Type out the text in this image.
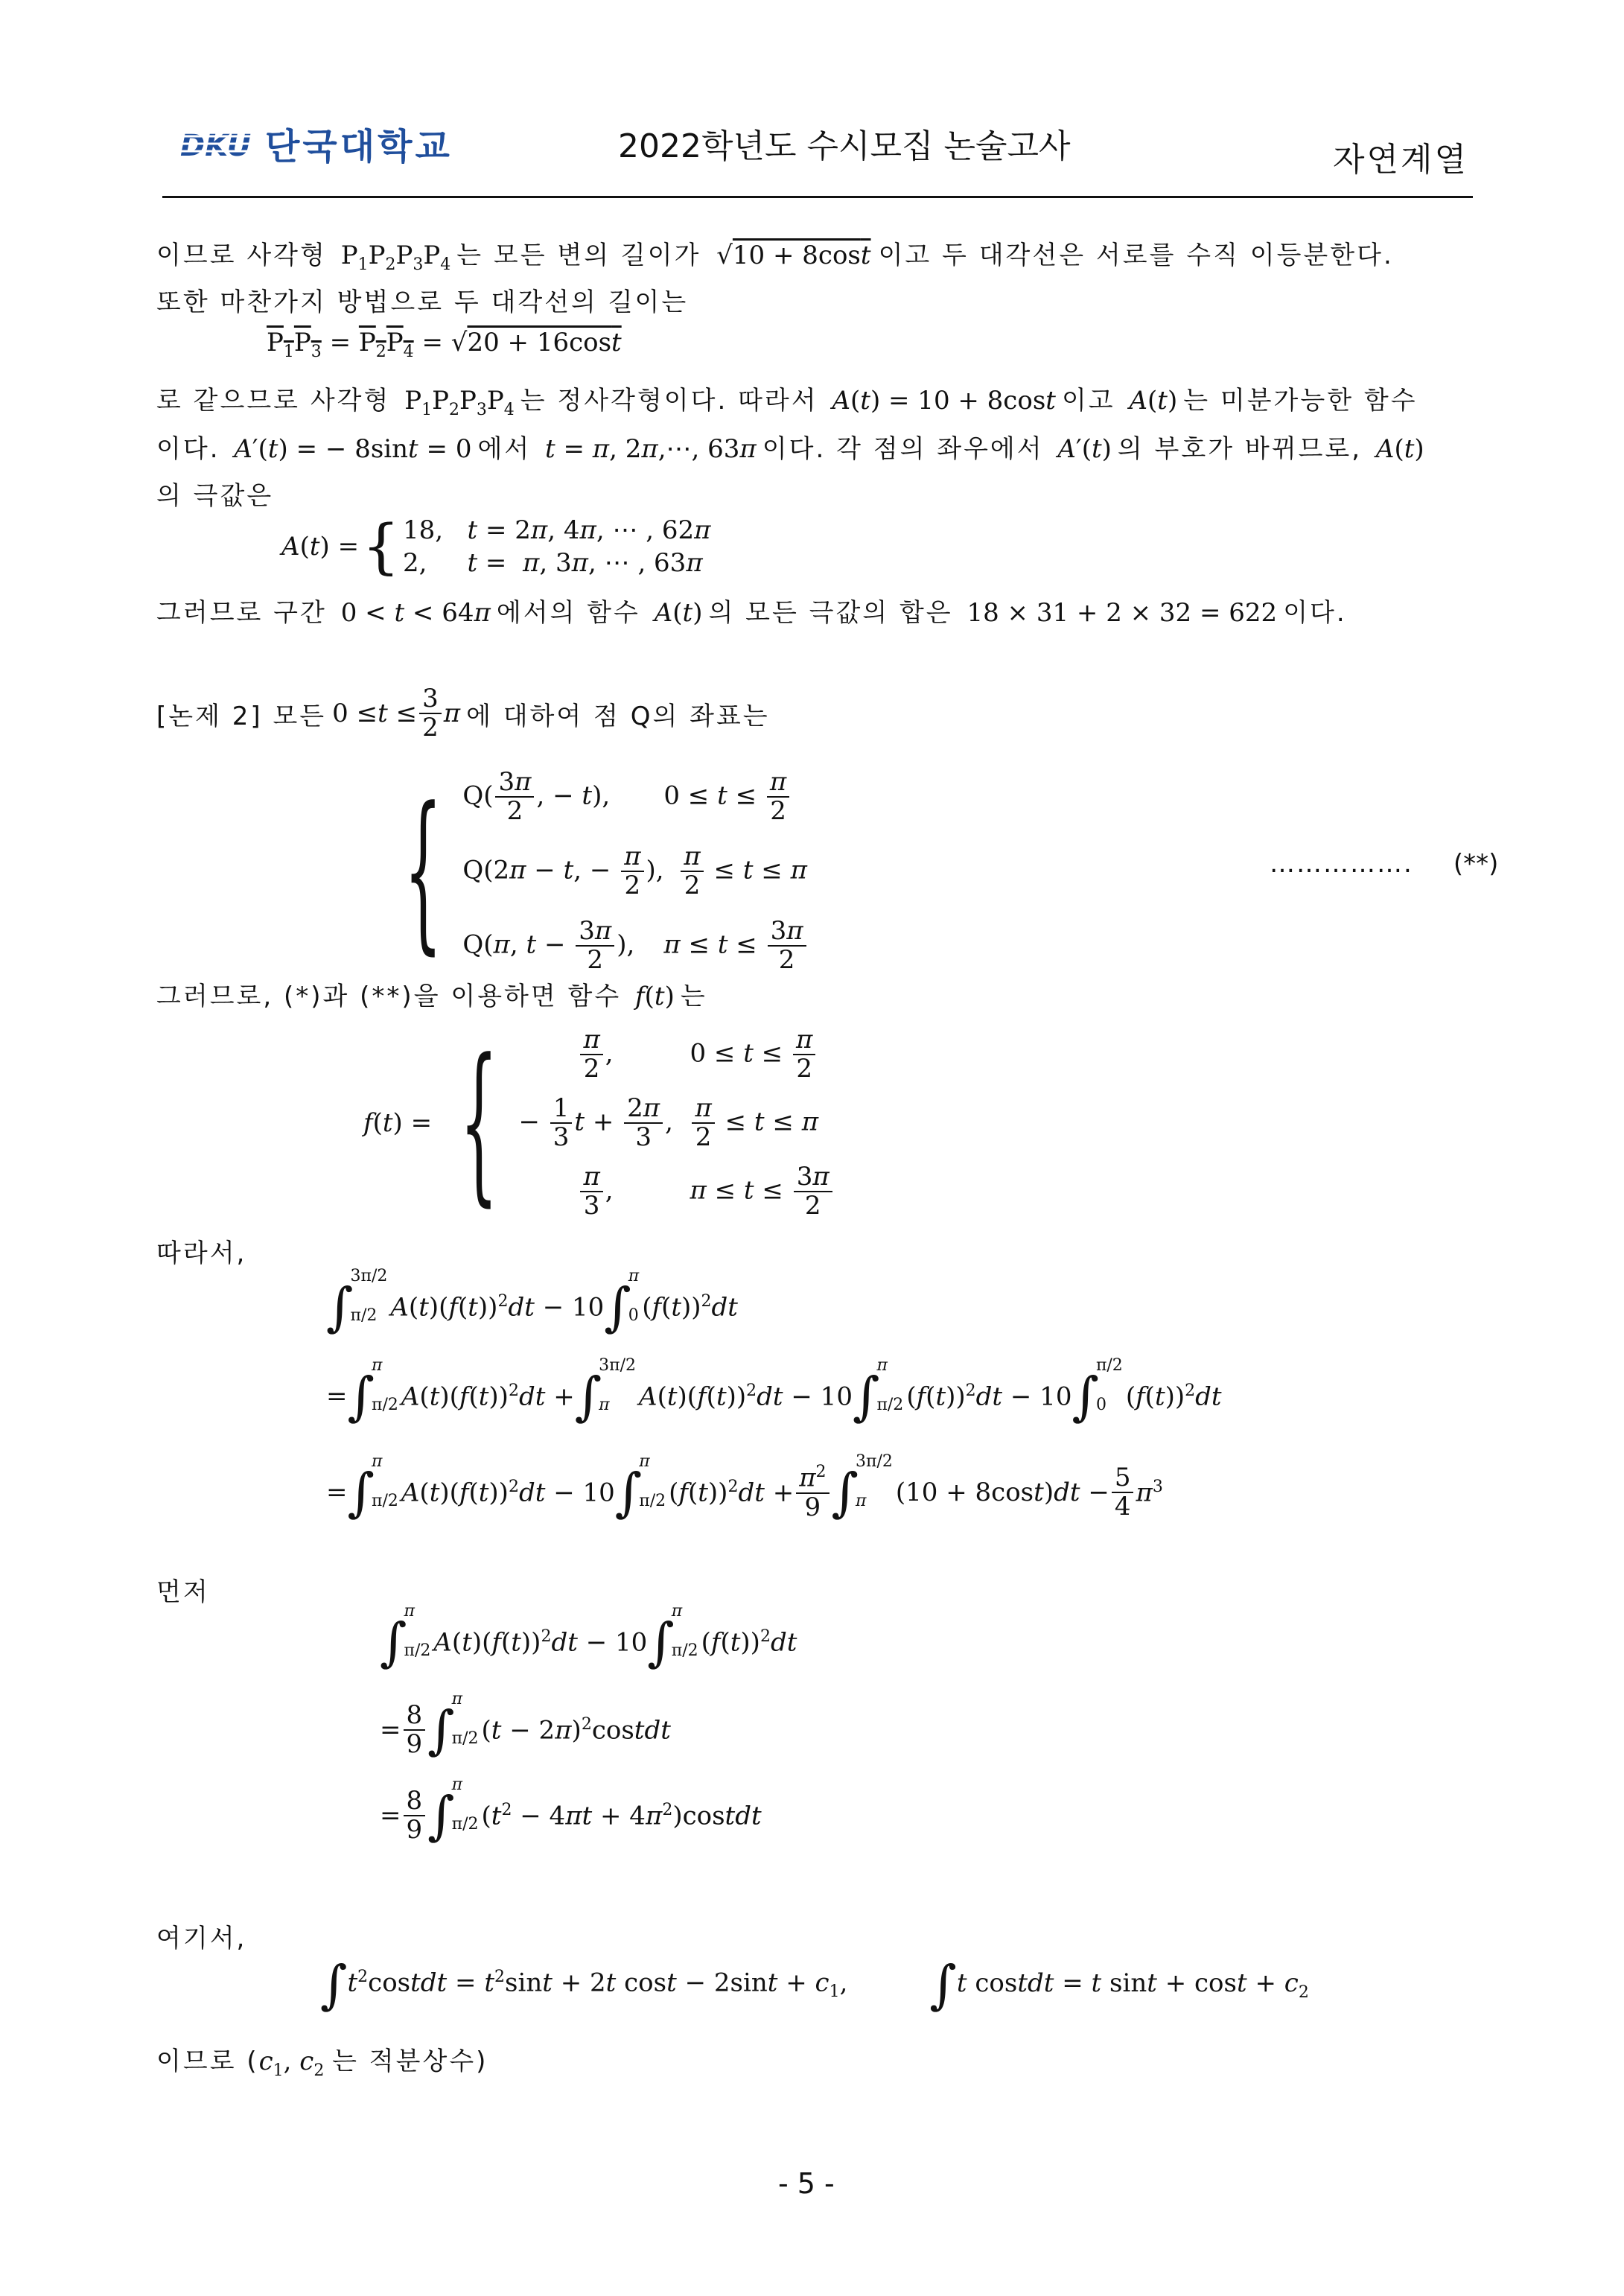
DKU 단국대학교	2022학년도 수시모집 논술고사	자연계열
이므로 사각형 $P_1P_2P_3P_4$ 는 모든 변의 길이가 √10 + 8cost 이고 두 대각선은 서로를 수직 이등분한다.
또한 마찬가지 방법으로 두 대각선의 길이는
$P_1P_3 = P_2P_4 = √20 + 16\cos t$
로 같으므로 사각형 $P_1P_2P_3P_4$ 는 정사각형이다. 따라서 A(t) = 10 + 8cost 이고 A(t) 는 미분가능한 함수
이다. A′(t) = − 8sint = 0 에서 t = π, 2π,⋯, 63π 이다. 각 점의 좌우에서 A′(t) 의 부호가 바뀌므로, A(t)
의 극값은
A(t) = { 18,   t = 2π, 4π, ⋯ , 62π
2,     t =  π, 3π, ⋯ , 63π
그러므로 구간 0 < t < 64π 에서의 함수 A(t) 의 모든 극값의 합은 18 × 31 + 2 × 32 = 622 이다.
[논제 2] 모든 $0 \le t \le \frac{3}{2}$ π 에 대하여 점 Q의 좌표는
{ $Q( \frac{3\pi}{2}$ , − t),	$0 \le t \le \frac{\pi}{2}$
Q(2π − t, − $\frac{\pi}{2}$ ), $\frac{\pi}{2} \le t \le \pi$
Q(π, $t - \frac{3\pi}{2}$ ),	$\pi \le t \le \frac{3\pi}{2}$
……………. (**)
그러므로, (*)과 (**)을 이용하면 함수 f(t) 는
f(t) = {	$\frac{\pi}{2}$ ,	$0 \le t \le \frac{\pi}{2}$
− $\frac{1}{3}$ $t + \frac{2\pi}{3}$ , $\frac{\pi}{2} \le t \le \pi$
$\frac{\pi}{3}$ ,	$\pi \le t \le \frac{3\pi}{2}$
따라서,
∫
3π/2
π/2 $A(t)(f(t))^2dt - 10$ ∫
π
0 $(f(t))^2dt$
= ∫
π
π/2 $A(t)(f(t))^2dt$ + ∫
3π/2
π	$A(t)(f(t))^2dt - 10$ ∫
π
π/2 $(f(t))^2dt - 10$ ∫
π/2
0 $(f(t))^2dt$
= ∫
π
π/2 $A(t)(f(t))^2dt - 10$ ∫
π
π/2 $(f(t))^2dt + \frac{\pi^2}{9}$ ∫
3π/2
π	$(10 + 8\cos t)dt - \frac{5}{4} \pi^3$
먼저
∫
π
π/2 $A(t)(f(t))^2dt - 10$ ∫
π
π/2 $(f(t))^2dt$
= $\frac{8}{9}$ ∫
π
π/2 $(t - 2\pi)^2costdt$
= $\frac{8}{9}$ ∫
π
π/2 ($t^2 - 4\pi t$ + $4\pi^2)costdt$
여기서,
∫ $t^2costdt = t^2\sin t + 2t$ $\cos t - 2\sin t + c_1$, ∫ t costdt = t $\sin t + \cos t + c_2$
이므로 ($c_1$, $c_2$ 는 적분상수)
- 5 -
